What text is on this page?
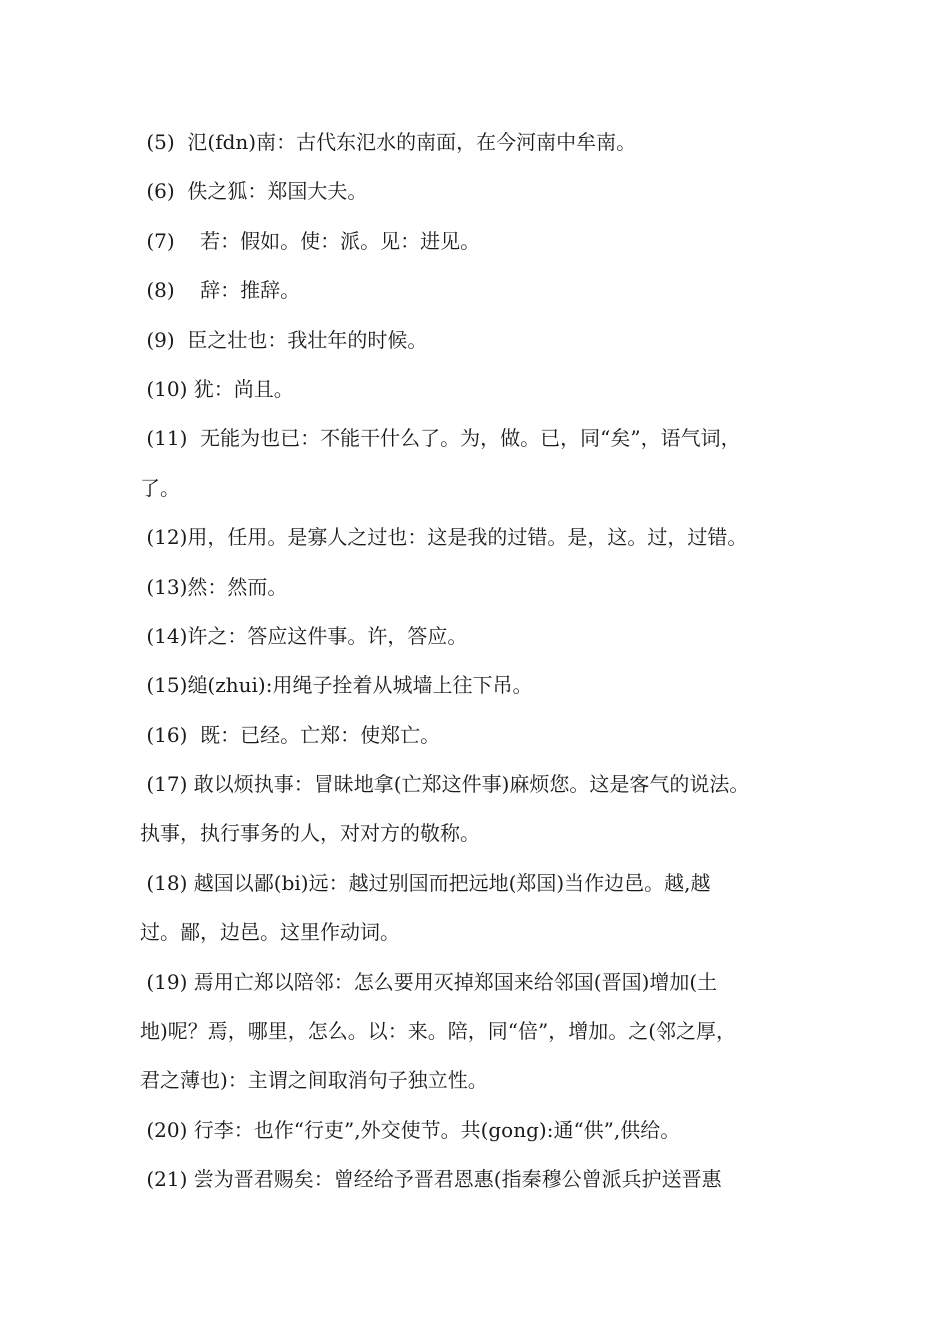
(5)  氾(fdn)南：古代东氾水的南面，在今河南中牟南。
(6)  佚之狐：郑国大夫。
(7)    若：假如。使：派。见：进见。
(8)    辞：推辞。
(9)  臣之壮也：我壮年的时候。
(10) 犹：尚且。
(11)  无能为也已：不能干什么了。为，做。已，同“矣”，语气词，
了。
(12)用，任用。是寡人之过也：这是我的过错。是，这。过，过错。
(13)然：然而。
(14)许之：答应这件事。许，答应。
(15)缒(zhui):用绳子拴着从城墙上往下吊。
(16)  既：已经。亡郑：使郑亡。
(17) 敢以烦执事：冒昧地拿(亡郑这件事)麻烦您。这是客气的说法。
执事，执行事务的人，对对方的敬称。
(18) 越国以鄙(bi)远：越过别国而把远地(郑国)当作边邑。越,越
过。鄙，边邑。这里作动词。
(19) 焉用亡郑以陪邻：怎么要用灭掉郑国来给邻国(晋国)增加(土
地)呢？焉，哪里，怎么。以：来。陪，同“倍”，增加。之(邻之厚，
君之薄也)：主谓之间取消句子独立性。
(20) 行李：也作“行吏”,外交使节。共(gong):通“供”,供给。
(21) 尝为晋君赐矣：曾经给予晋君恩惠(指秦穆公曾派兵护送晋惠
